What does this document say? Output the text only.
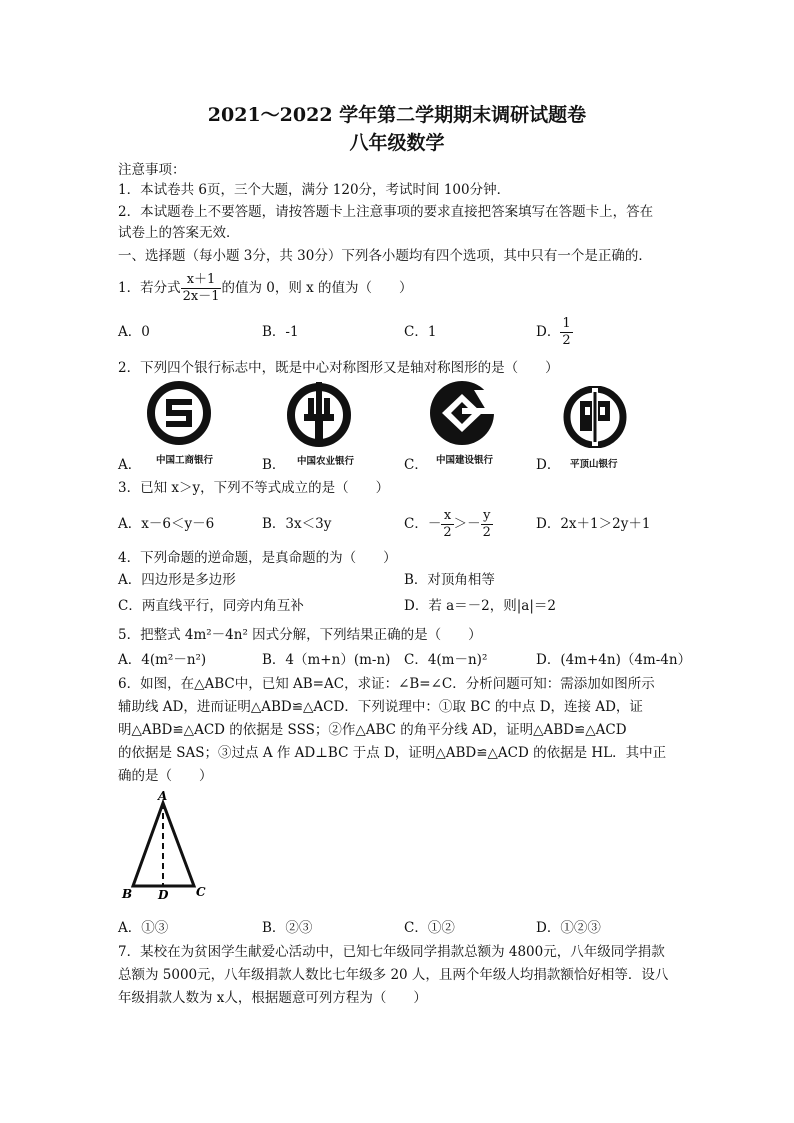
2021～2022 学年第二学期期末调研试题卷
八年级数学
注意事项：
1．本试卷共 6页，三个大题，满分 120分，考试时间 100分钟．
2．本试题卷上不要答题，请按答题卡上注意事项的要求直接把答案填写在答题卡上，答在
试卷上的答案无效．
一、选择题（每小题 3分，共 30分）下列各小题均有四个选项，其中只有一个是正确的．
1．若分式 $\frac{x+1}{2x-1}$ 的值为 0，则 x 的值为（　　）
A．0	B．-1	C．1	D． $\frac{1}{2}$
2．下列四个银行标志中，既是中心对称图形又是轴对称图形的是（　　）
中国工商银行	中国农业银行	中国建设银行	平顶山银行
A．	B．	C．	D．
3．已知 x＞y，下列不等式成立的是（　　）
A．x－6＜y－6	B．3x＜3y	C．－ $\frac{x}{2} >- \frac{y}{2}$	D．2x＋1＞2y＋1
4．下列命题的逆命题，是真命题的为（　　）
A．四边形是多边形	B．对顶角相等
C．两直线平行，同旁内角互补	D．若 a＝－2，则|a|＝2
5．把整式 4m²－4n² 因式分解，下列结果正确的是（　　）
A．4(m²－n²)	B．4（m+n）(m-n) C．4(m－n)²	D．(4m+4n)（4m-4n）
6．如图，在△ABC中，已知 AB=AC，求证：∠B=∠C．分析问题可知：需添加如图所示
辅助线 AD，进而证明△ABD≌△ACD．下列说理中：①取 BC 的中点 D，连接 AD，证
明△ABD≌△ACD 的依据是 SSS；②作△ABC 的角平分线 AD，证明△ABD≌△ACD
的依据是 SAS；③过点 A 作 AD⊥BC 于点 D，证明△ABD≌△ACD 的依据是 HL．其中正
确的是（　　）
A
B D C
A．①③	B．②③	C．①②	D．①②③
7．某校在为贫困学生献爱心活动中，已知七年级同学捐款总额为 4800元，八年级同学捐款
总额为 5000元，八年级捐款人数比七年级多 20 人，且两个年级人均捐款额恰好相等．设八
年级捐款人数为 x人，根据题意可列方程为（　　）
